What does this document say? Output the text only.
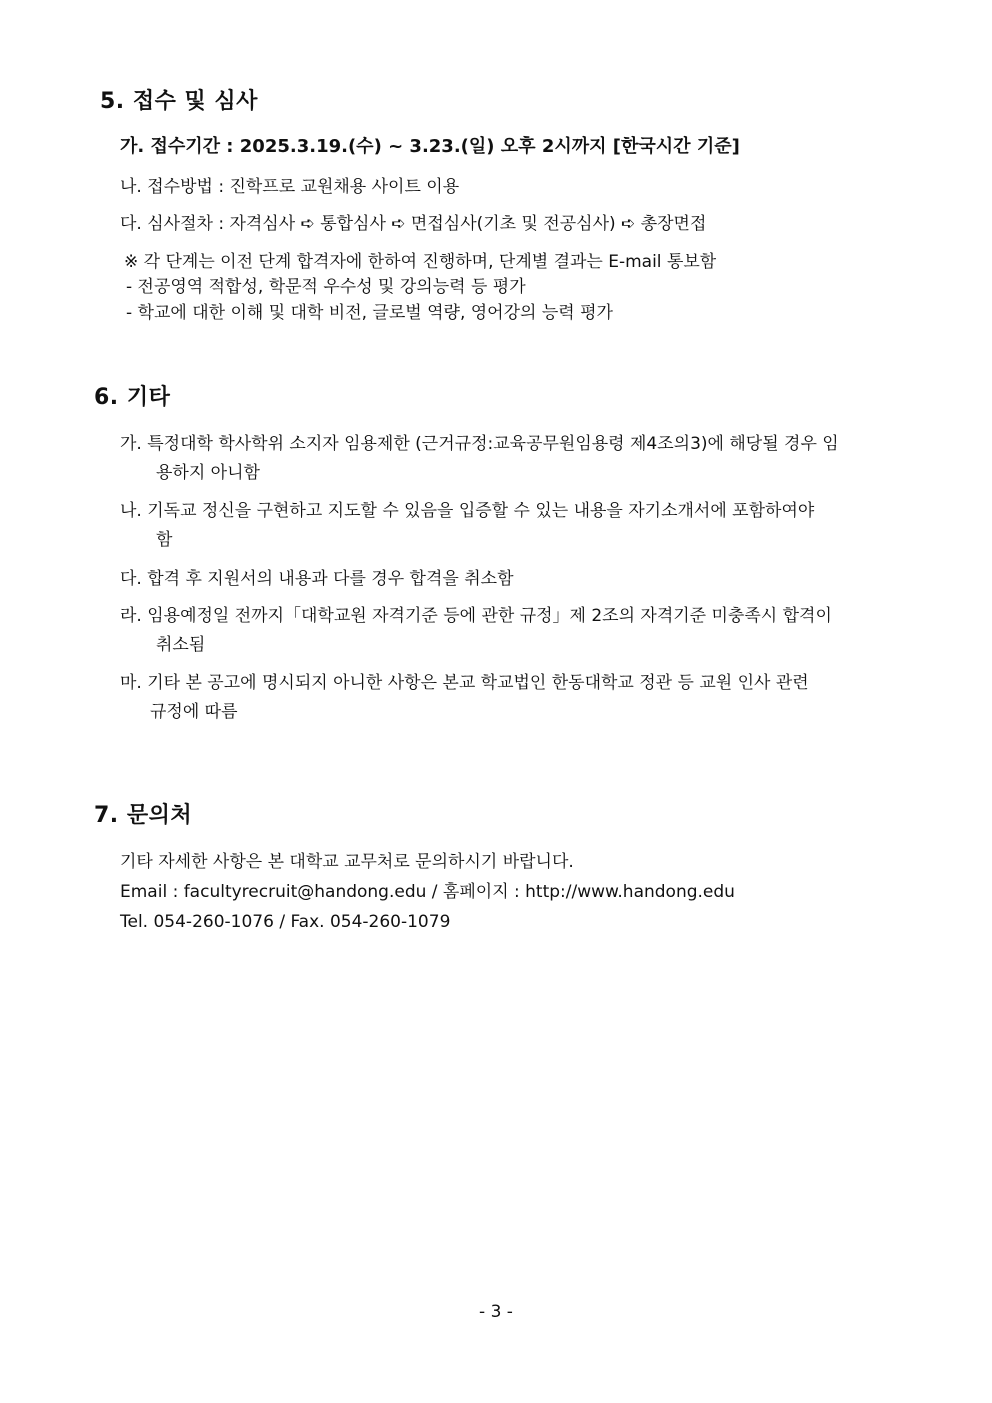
5. 접수 및 심사
가. 접수기간 : 2025.3.19.(수) ~ 3.23.(일) 오후 2시까지 [한국시간 기준]
나. 접수방법 : 진학프로 교원채용 사이트 이용
다. 심사절차 : 자격심사 ➪ 통합심사 ➪ 면접심사(기초 및 전공심사) ➪ 총장면접
※ 각 단계는 이전 단계 합격자에 한하여 진행하며, 단계별 결과는 E-mail 통보함
- 전공영역 적합성, 학문적 우수성 및 강의능력 등 평가
- 학교에 대한 이해 및 대학 비전, 글로벌 역량, 영어강의 능력 평가
6. 기타
가. 특정대학 학사학위 소지자 임용제한 (근거규정:교육공무원임용령 제4조의3)에 해당될 경우 임
용하지 아니함
나. 기독교 정신을 구현하고 지도할 수 있음을 입증할 수 있는 내용을 자기소개서에 포함하여야
함
다. 합격 후 지원서의 내용과 다를 경우 합격을 취소함
라. 임용예정일 전까지「대학교원 자격기준 등에 관한 규정」제 2조의 자격기준 미충족시 합격이
취소됨
마. 기타 본 공고에 명시되지 아니한 사항은 본교 학교법인 한동대학교 정관 등 교원 인사 관련
규정에 따름
7. 문의처
기타 자세한 사항은 본 대학교 교무처로 문의하시기 바랍니다.
Email : facultyrecruit@handong.edu / 홈페이지 : http://www.handong.edu
Tel. 054-260-1076 / Fax. 054-260-1079
- 3 -
